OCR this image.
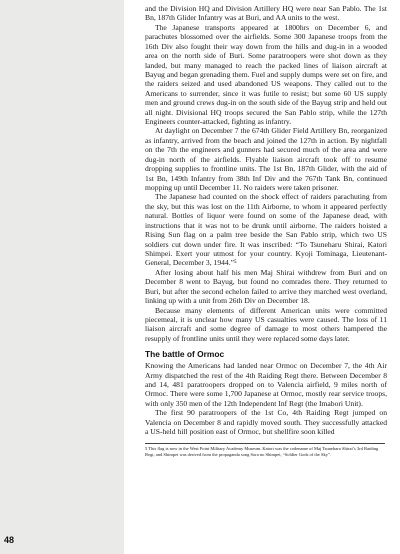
48

and the Division HQ and Division Artillery HQ were near San Pablo. The 1st Bn, 187th Glider Infantry was at Buri, and AA units to the west.

The Japanese transports appeared at 1800hrs on December 6, and parachutes blossomed over the airfields. Some 300 Japanese troops from the 16th Div also fought their way down from the hills and dug-in in a wooded area on the north side of Buri. Some paratroopers were shot down as they landed, but many managed to reach the packed lines of liaison aircraft at Bayug and began grenading them. Fuel and supply dumps were set on fire, and the raiders seized and used abandoned US weapons. They called out to the Americans to surrender, since it was futile to resist; but some 60 US supply men and ground crews dug-in on the south side of the Bayug strip and held out all night. Divisional HQ troops secured the San Pablo strip, while the 127th Engineers counter-attacked, fighting as infantry.

At daylight on December 7 the 674th Glider Field Artillery Bn, reorganized as infantry, arrived from the beach and joined the 127th in action. By nightfall on the 7th the engineers and gunners had secured much of the area and were dug-in north of the airfields. Flyable liaison aircraft took off to resume dropping supplies to frontline units. The 1st Bn, 187th Glider, with the aid of 1st Bn, 149th Infantry from 38th Inf Div and the 767th Tank Bn, continued mopping up until December 11. No raiders were taken prisoner.

The Japanese had counted on the shock effect of raiders parachuting from the sky, but this was lost on the 11th Airborne, to whom it appeared perfectly natural. Bottles of liquor were found on some of the Japanese dead, with instructions that it was not to be drunk until airborne. The raiders hoisted a Rising Sun flag on a palm tree beside the San Pablo strip, which two US soldiers cut down under fire. It was inscribed: “To Tsuneharu Shirai, Katori Shimpei. Exert your utmost for your country. Kyoji Tominaga, Lieutenant-General, December 3, 1944.”⁵

After losing about half his men Maj Shirai withdrew from Buri and on December 8 went to Bayug, but found no comrades there. They returned to Buri, but after the second echelon failed to arrive they marched west overland, linking up with a unit from 26th Div on December 18.

Because many elements of different American units were committed piecemeal, it is unclear how many US casualties were caused. The loss of 11 liaison aircraft and some degree of damage to most others hampered the resupply of frontline units until they were replaced some days later.

The battle of Ormoc

Knowing the Americans had landed near Ormoc on December 7, the 4th Air Army dispatched the rest of the 4th Raiding Regt there. Between December 8 and 14, 481 paratroopers dropped on to Valencia airfield, 9 miles north of Ormoc. There were some 1,700 Japanese at Ormoc, mostly rear service troops, with only 350 men of the 12th Independent Inf Regt (the Imabori Unit).

The first 90 paratroopers of the 1st Co, 4th Raiding Regt jumped on Valencia on December 8 and rapidly moved south. They successfully attacked a US-held hill position east of Ormoc, but shellfire soon killed

5 This flag is now in the West Point Military Academy Museum. Katori was the codename of Maj Tsuneharu Shirai’s 3rd Raiding Regt, and Shimpei was derived from the propaganda song Sora no Shimpei, “Soldier Gods of the Sky”.
